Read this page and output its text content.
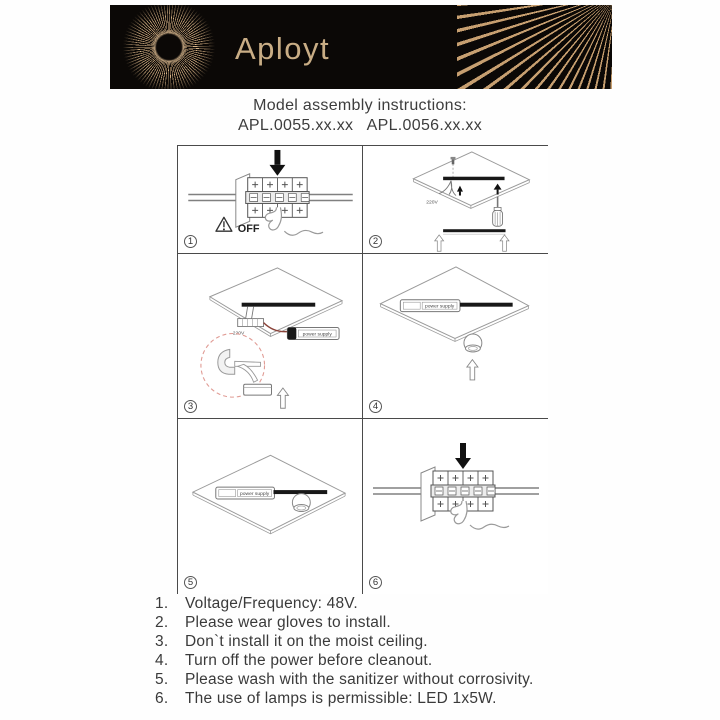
Aployt
Model assembly instructions:
APL.0055.xx.xx   APL.0056.xx.xx
OFF
1
220V
2
220V	power supply
3
power supply
4
power supply
5	6
1.	Voltage/Frequency: 48V.
2.	Please wear gloves to install.
3.	Don`t install it on the moist ceiling.
4.	Turn off the power before cleanout.
5.	Please wash with the sanitizer without corrosivity.
6.	The use of lamps is permissible: LED 1x5W.
